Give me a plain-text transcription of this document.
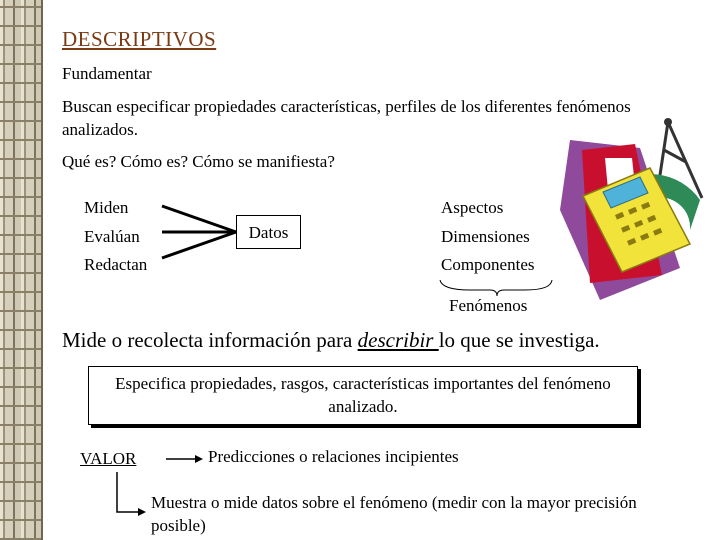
DESCRIPTIVOS
Fundamentar
Buscan especificar propiedades características, perfiles de los diferentes fenómenos analizados.
Qué es? Cómo es? Cómo se manifiesta?
Miden
Evalúan
Redactan
Datos
Aspectos
Dimensiones
Componentes
Fenómenos
Mide o recolecta información para describir lo que se investiga.
Especifica propiedades, rasgos, características importantes del fenómeno analizado.
VALOR	Predicciones o relaciones incipientes
Muestra o mide datos sobre el fenómeno (medir con la mayor precisión posible)
